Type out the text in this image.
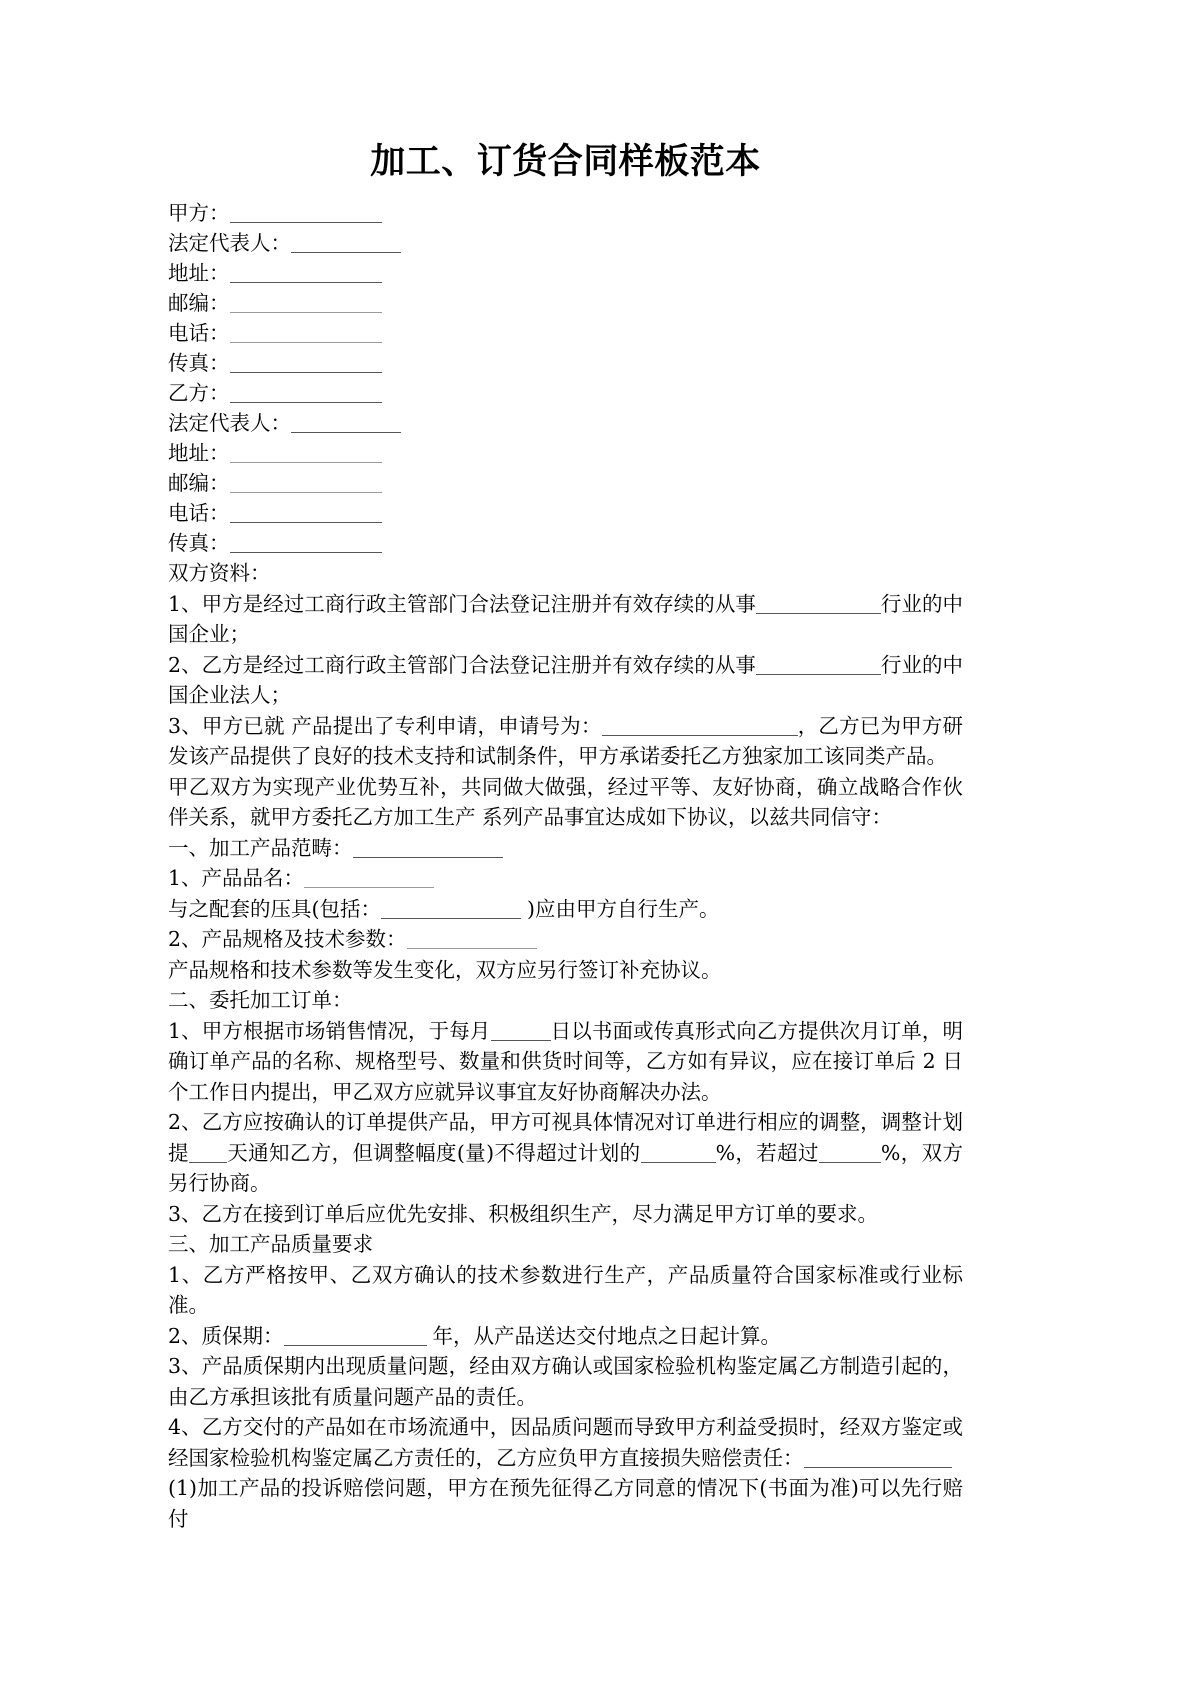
加工、订货合同样板范本

甲方：

法定代表人：

地址：

邮编：

电话：

传真：

乙方：

法定代表人：

地址：

邮编：

电话：

传真：

双方资料：

1、甲方是经过工商行政主管部门合法登记注册并有效存续的从事	行业的中国企业；

2、乙方是经过工商行政主管部门合法登记注册并有效存续的从事	行业的中国企业法人；

3、甲方已就 产品提出了专利申请，申请号为：	，乙方已为甲方研发该产品提供了良好的技术支持和试制条件，甲方承诺委托乙方独家加工该同类产品。

甲乙双方为实现产业优势互补，共同做大做强，经过平等、友好协商，确立战略合作伙伴关系，就甲方委托乙方加工生产 系列产品事宜达成如下协议，以兹共同信守：

一、加工产品范畴：

1、产品品名：

与之配套的压具(包括：	)应由甲方自行生产。

2、产品规格及技术参数：

产品规格和技术参数等发生变化，双方应另行签订补充协议。

二、委托加工订单：

1、甲方根据市场销售情况，于每月	日以书面或传真形式向乙方提供次月订单，明确订单产品的名称、规格型号、数量和供货时间等，乙方如有异议，应在接订单后 2 日个工作日内提出，甲乙双方应就异议事宜友好协商解决办法。

2、乙方应按确认的订单提供产品，甲方可视具体情况对订单进行相应的调整，调整计划提 天通知乙方，但调整幅度(量)不得超过计划的	%，若超过	%，双方另行协商。

3、乙方在接到订单后应优先安排、积极组织生产，尽力满足甲方订单的要求。

三、加工产品质量要求

1、乙方严格按甲、乙双方确认的技术参数进行生产，产品质量符合国家标准或行业标准。

2、质保期：	年，从产品送达交付地点之日起计算。

3、产品质保期内出现质量问题，经由双方确认或国家检验机构鉴定属乙方制造引起的，由乙方承担该批有质量问题产品的责任。

4、乙方交付的产品如在市场流通中，因品质问题而导致甲方利益受损时，经双方鉴定或经国家检验机构鉴定属乙方责任的，乙方应负甲方直接损失赔偿责任：

(1)加工产品的投诉赔偿问题，甲方在预先征得乙方同意的情况下(书面为准)可以先行赔付
